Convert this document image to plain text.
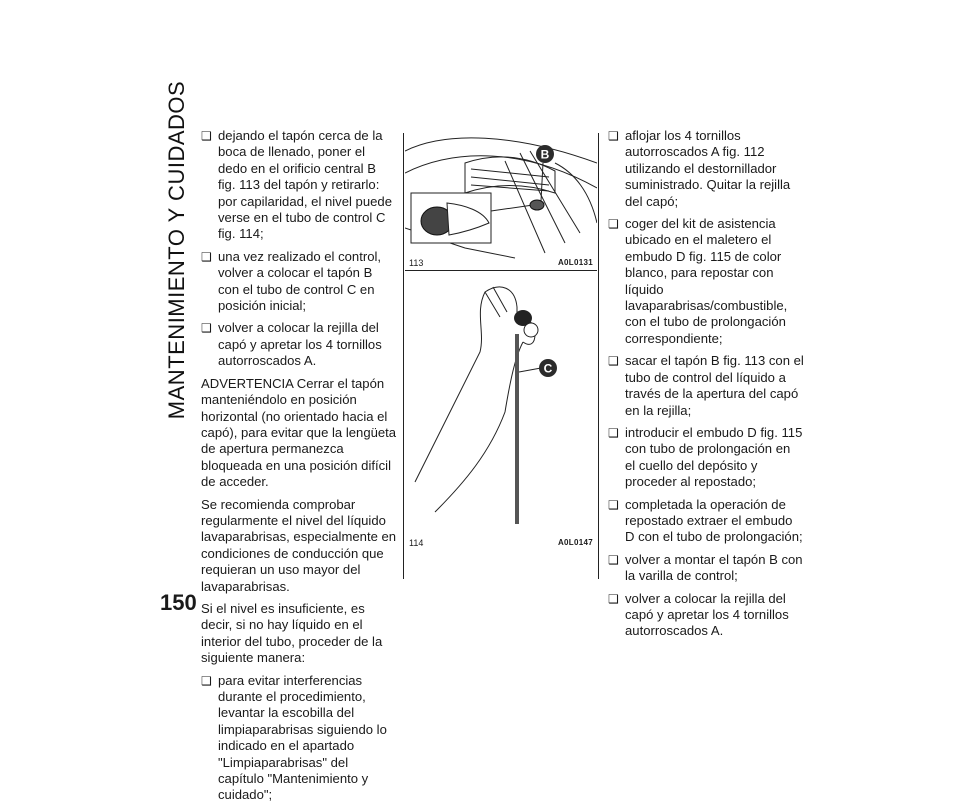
MANTENIMIENTO Y CUIDADOS
150
❑ dejando el tapón cerca de la boca de llenado, poner el dedo en el orificio central B fig. 113 del tapón y retirarlo: por capilaridad, el nivel puede verse en el tubo de control C fig. 114;
❑ una vez realizado el control, volver a colocar el tapón B con el tubo de control C en posición inicial;
❑ volver a colocar la rejilla del capó y apretar los 4 tornillos autorroscados A.

ADVERTENCIA Cerrar el tapón manteniéndolo en posición horizontal (no orientado hacia el capó), para evitar que la lengüeta de apertura permanezca bloqueada en una posición difícil de acceder.

Se recomienda comprobar regularmente el nivel del líquido lavaparabrisas, especialmente en condiciones de conducción que requieran un uso mayor del lavaparabrisas.

Si el nivel es insuficiente, es decir, si no hay líquido en el interior del tubo, proceder de la siguiente manera:

❑ para evitar interferencias durante el procedimiento, levantar la escobilla del limpiaparabrisas siguiendo lo indicado en el apartado "Limpiaparabrisas" del capítulo "Mantenimiento y cuidado";
B
113	A0L0131
C
114	A0L0147
❑ aflojar los 4 tornillos autorroscados A fig. 112 utilizando el destornillador suministrado. Quitar la rejilla del capó;
❑ coger del kit de asistencia ubicado en el maletero el embudo D fig. 115 de color blanco, para repostar con líquido lavaparabrisas/combustible, con el tubo de prolongación correspondiente;
❑ sacar el tapón B fig. 113 con el tubo de control del líquido a través de la apertura del capó en la rejilla;
❑ introducir el embudo D fig. 115 con tubo de prolongación en el cuello del depósito y proceder al repostado;
❑ completada la operación de repostado extraer el embudo D con el tubo de prolongación;
❑ volver a montar el tapón B con la varilla de control;
❑ volver a colocar la rejilla del capó y apretar los 4 tornillos autorroscados A.
